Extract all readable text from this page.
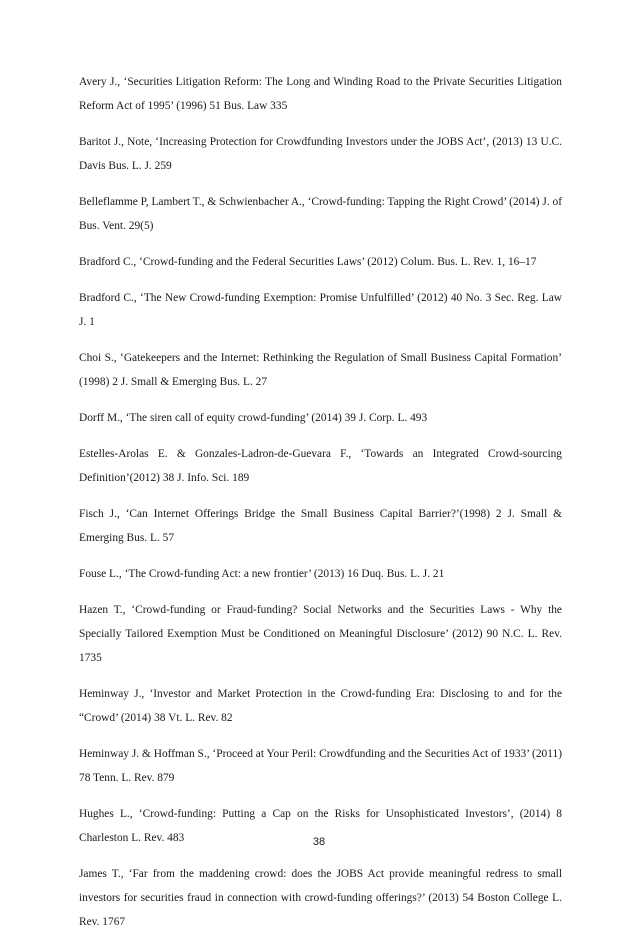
Avery J., ‘Securities Litigation Reform: The Long and Winding Road to the Private Securities Litigation Reform Act of 1995’ (1996) 51 Bus. Law 335
Baritot J., Note, ‘Increasing Protection for Crowdfunding Investors under the JOBS Act’, (2013) 13 U.C. Davis Bus. L. J. 259
Belleflamme P, Lambert T., & Schwienbacher A., ‘Crowd-funding: Tapping the Right Crowd’ (2014) J. of Bus. Vent. 29(5)
Bradford C., ‘Crowd-funding and the Federal Securities Laws’ (2012) Colum. Bus. L. Rev. 1, 16–17
Bradford C., ‘The New Crowd-funding Exemption: Promise Unfulfilled’ (2012) 40 No. 3 Sec. Reg. Law J. 1
Choi S., ‘Gatekeepers and the Internet: Rethinking the Regulation of Small Business Capital Formation’ (1998) 2 J. Small & Emerging Bus. L. 27
Dorff M., ‘The siren call of equity crowd-funding’ (2014) 39 J. Corp. L. 493
Estelles-Arolas E. & Gonzales-Ladron-de-Guevara F., ‘Towards an Integrated Crowd-sourcing Definition’(2012) 38 J. Info. Sci. 189
Fisch J., ‘Can Internet Offerings Bridge the Small Business Capital Barrier?’(1998) 2 J. Small & Emerging Bus. L. 57
Fouse L., ‘The Crowd-funding Act: a new frontier’ (2013) 16 Duq. Bus. L. J. 21
Hazen T., ‘Crowd-funding or Fraud-funding? Social Networks and the Securities Laws - Why the Specially Tailored Exemption Must be Conditioned on Meaningful Disclosure’ (2012) 90 N.C. L. Rev. 1735
Heminway J., ‘Investor and Market Protection in the Crowd-funding Era: Disclosing to and for the “Crowd’ (2014) 38 Vt. L. Rev. 82
Heminway J. & Hoffman S., ‘Proceed at Your Peril: Crowdfunding and the Securities Act of 1933’ (2011) 78 Tenn. L. Rev. 879
Hughes L., ‘Crowd-funding: Putting a Cap on the Risks for Unsophisticated Investors’, (2014) 8 Charleston L. Rev. 483
James T., ‘Far from the maddening crowd: does the JOBS Act provide meaningful redress to small investors for securities fraud in connection with crowd-funding offerings?’ (2013) 54 Boston College L. Rev. 1767
38
